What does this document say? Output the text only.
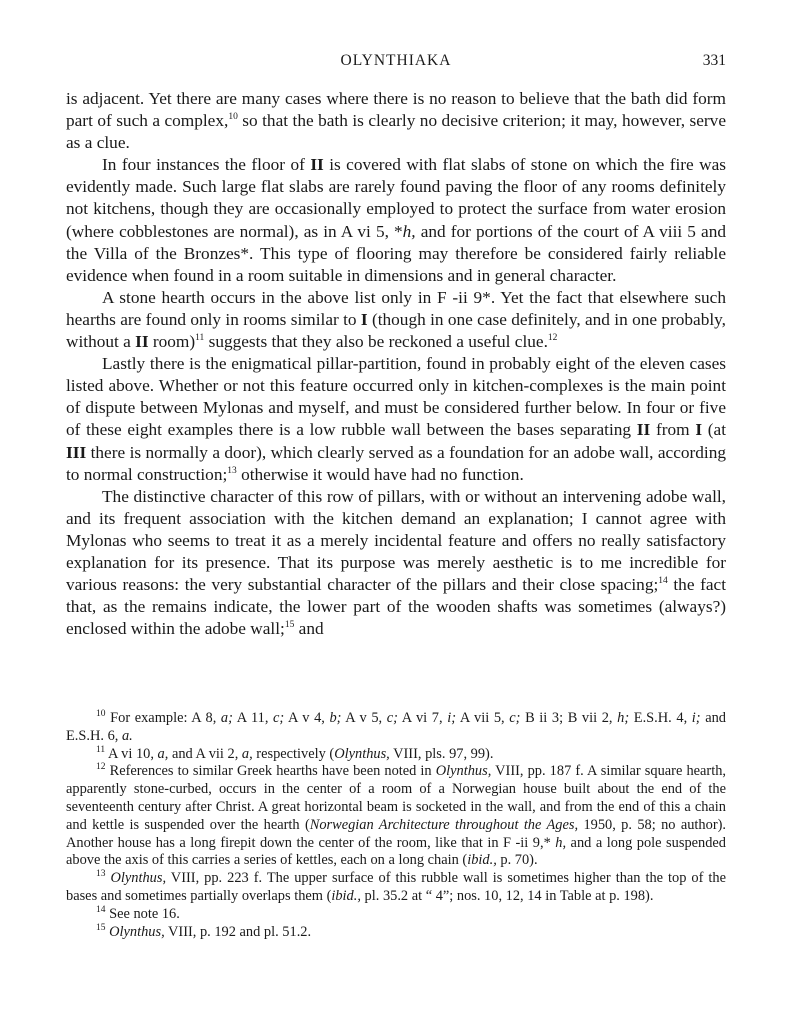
OLYNTHIAKA	331

is adjacent. Yet there are many cases where there is no reason to believe that the bath did form part of such a complex,$^{10}$ so that the bath is clearly no decisive criterion; it may, however, serve as a clue.

In four instances the floor of II is covered with flat slabs of stone on which the fire was evidently made. Such large flat slabs are rarely found paving the floor of any rooms definitely not kitchens, though they are occasionally employed to protect the surface from water erosion (where cobblestones are normal), as in A vi 5, *h, and for portions of the court of A viii 5 and the Villa of the Bronzes*. This type of flooring may therefore be considered fairly reliable evidence when found in a room suitable in dimensions and in general character.

A stone hearth occurs in the above list only in F -ii 9*. Yet the fact that elsewhere such hearths are found only in rooms similar to I (though in one case definitely, and in one probably, without a II room)$^{11}$ suggests that they also be reckoned a useful clue.$^{12}$

Lastly there is the enigmatical pillar-partition, found in probably eight of the eleven cases listed above. Whether or not this feature occurred only in kitchen-complexes is the main point of dispute between Mylonas and myself, and must be considered further below. In four or five of these eight examples there is a low rubble wall between the bases separating II from I (at III there is normally a door), which clearly served as a foundation for an adobe wall, according to normal construction;$^{13}$ otherwise it would have had no function.

The distinctive character of this row of pillars, with or without an intervening adobe wall, and its frequent association with the kitchen demand an explanation; I cannot agree with Mylonas who seems to treat it as a merely incidental feature and offers no really satisfactory explanation for its presence. That its purpose was merely aesthetic is to me incredible for various reasons: the very substantial character of the pillars and their close spacing;$^{14}$ the fact that, as the remains indicate, the lower part of the wooden shafts was sometimes (always?) enclosed within the adobe wall;$^{15}$ and

$^{10}$ For example: A 8, a; A 11, c; A v 4, b; A v 5, c; A vi 7, i; A vii 5, c; B ii 3; B vii 2, h; E.S.H. 4, i; and E.S.H. 6, a.

$^{11}$ A vi 10, a, and A vii 2, a, respectively (Olynthus, VIII, pls. 97, 99).

$^{12}$ References to similar Greek hearths have been noted in Olynthus, VIII, pp. 187 f. A similar square hearth, apparently stone-curbed, occurs in the center of a room of a Norwegian house built about the end of the seventeenth century after Christ. A great horizontal beam is socketed in the wall, and from the end of this a chain and kettle is suspended over the hearth (Norwegian Architecture throughout the Ages, 1950, p. 58; no author). Another house has a long firepit down the center of the room, like that in F -ii 9,* h, and a long pole suspended above the axis of this carries a series of kettles, each on a long chain (ibid., p. 70).

$^{13}$ Olynthus, VIII, pp. 223 f. The upper surface of this rubble wall is sometimes higher than the top of the bases and sometimes partially overlaps them (ibid., pl. 35.2 at “ 4”; nos. 10, 12, 14 in Table at p. 198).

$^{14}$ See note 16.

$^{15}$ Olynthus, VIII, p. 192 and pl. 51.2.
